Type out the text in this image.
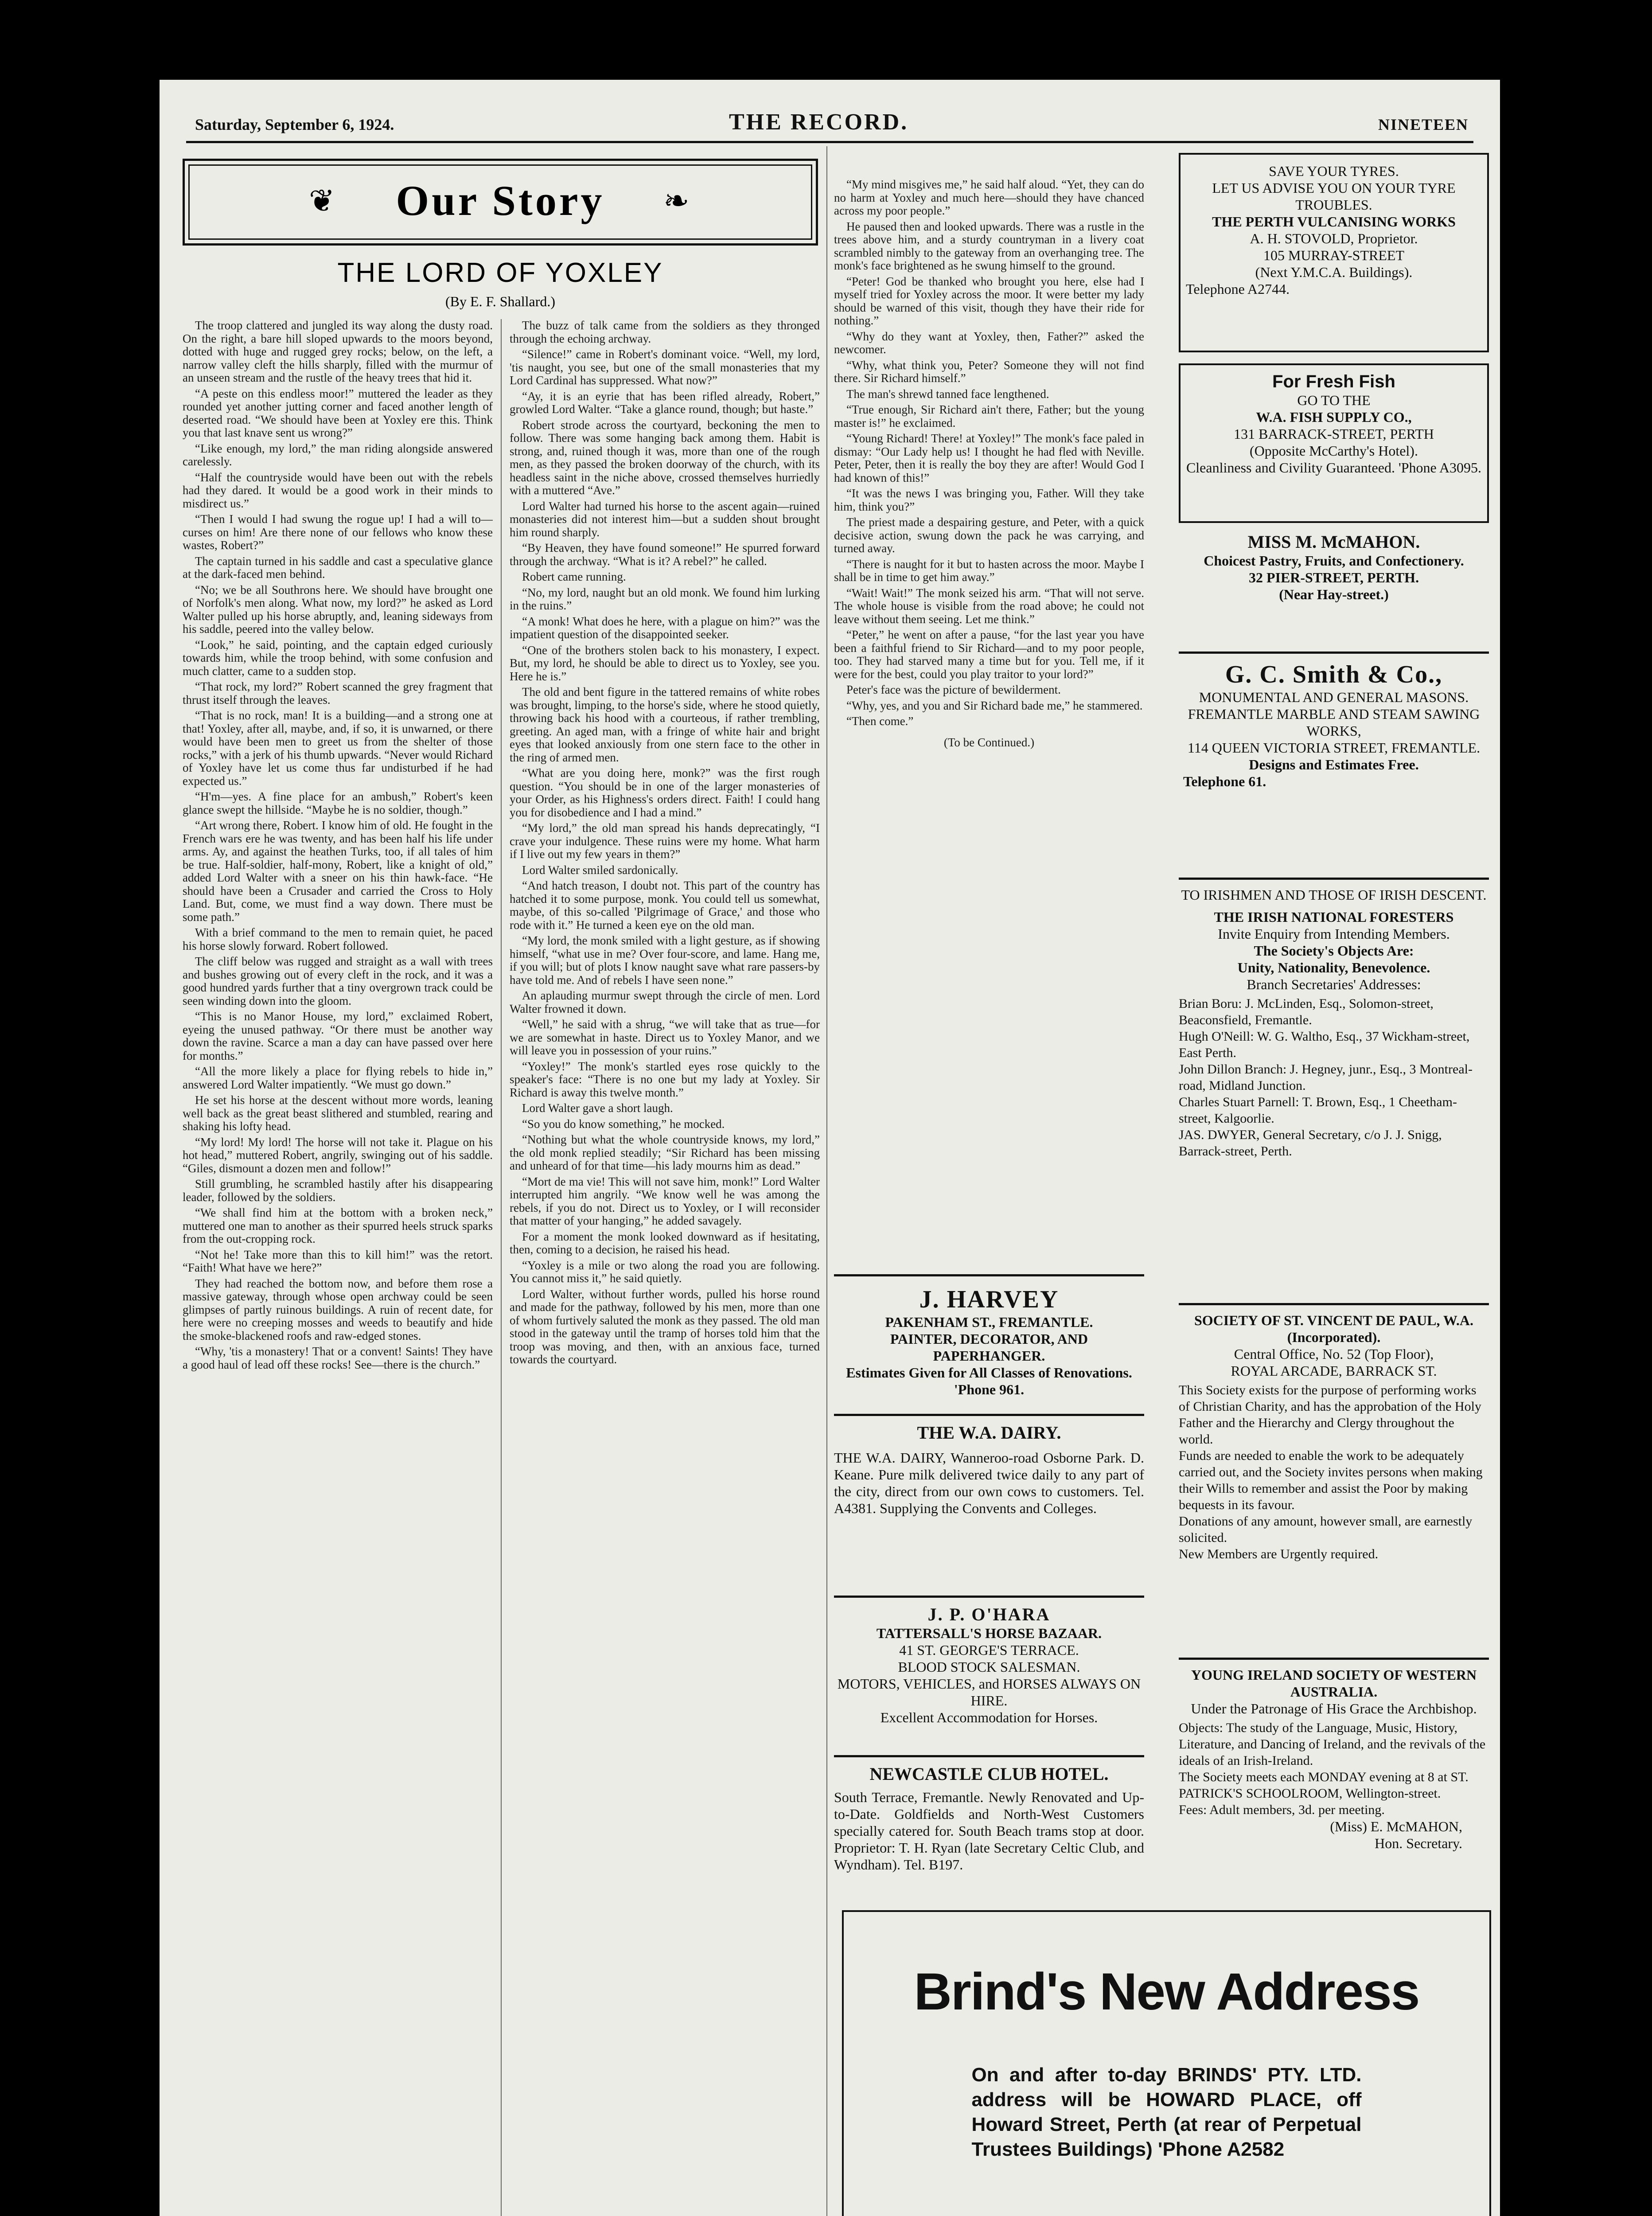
Saturday, September 6, 1924.	THE RECORD.	NINETEEN
❦	Our Story	❧
THE LORD OF YOXLEY
(By E. F. Shallard.)

The troop clattered and jungled its way along the dusty road. On the right, a bare hill sloped upwards to the moors beyond, dotted with huge and rugged grey rocks; below, on the left, a narrow valley cleft the hills sharply, filled with the murmur of an unseen stream and the rustle of the heavy trees that hid it.

“A peste on this endless moor!” muttered the leader as they rounded yet another jutting corner and faced another length of deserted road. “We should have been at Yoxley ere this. Think you that last knave sent us wrong?”

“Like enough, my lord,” the man riding alongside answered carelessly.

“Half the countryside would have been out with the rebels had they dared. It would be a good work in their minds to misdirect us.”

“Then I would I had swung the rogue up! I had a will to—curses on him! Are there none of our fellows who know these wastes, Robert?”

The captain turned in his saddle and cast a speculative glance at the dark-faced men behind.

“No; we be all Southrons here. We should have brought one of Norfolk's men along. What now, my lord?” he asked as Lord Walter pulled up his horse abruptly, and, leaning sideways from his saddle, peered into the valley below.

“Look,” he said, pointing, and the captain edged curiously towards him, while the troop behind, with some confusion and much clatter, came to a sudden stop.

“That rock, my lord?” Robert scanned the grey fragment that thrust itself through the leaves.

“That is no rock, man! It is a building—and a strong one at that! Yoxley, after all, maybe, and, if so, it is unwarned, or there would have been men to greet us from the shelter of those rocks,” with a jerk of his thumb upwards. “Never would Richard of Yoxley have let us come thus far undisturbed if he had expected us.”

“H'm—yes. A fine place for an ambush,” Robert's keen glance swept the hillside. “Maybe he is no soldier, though.”

“Art wrong there, Robert. I know him of old. He fought in the French wars ere he was twenty, and has been half his life under arms. Ay, and against the heathen Turks, too, if all tales of him be true. Half-soldier, half-mony, Robert, like a knight of old,” added Lord Walter with a sneer on his thin hawk-face. “He should have been a Crusader and carried the Cross to Holy Land. But, come, we must find a way down. There must be some path.”

With a brief command to the men to remain quiet, he paced his horse slowly forward. Robert followed.

The cliff below was rugged and straight as a wall with trees and bushes growing out of every cleft in the rock, and it was a good hundred yards further that a tiny overgrown track could be seen winding down into the gloom.

“This is no Manor House, my lord,” exclaimed Robert, eyeing the unused pathway. “Or there must be another way down the ravine. Scarce a man a day can have passed over here for months.”

“All the more likely a place for flying rebels to hide in,” answered Lord Walter impatiently. “We must go down.”

He set his horse at the descent without more words, leaning well back as the great beast slithered and stumbled, rearing and shaking his lofty head.

“My lord! My lord! The horse will not take it. Plague on his hot head,” muttered Robert, angrily, swinging out of his saddle. “Giles, dismount a dozen men and follow!”

Still grumbling, he scrambled hastily after his disappearing leader, followed by the soldiers.

“We shall find him at the bottom with a broken neck,” muttered one man to another as their spurred heels struck sparks from the out-cropping rock.

“Not he! Take more than this to kill him!” was the retort. “Faith! What have we here?”

They had reached the bottom now, and before them rose a massive gateway, through whose open archway could be seen glimpses of partly ruinous buildings. A ruin of recent date, for here were no creeping mosses and weeds to beautify and hide the smoke-blackened roofs and raw-edged stones.

“Why, 'tis a monastery! That or a convent! Saints! They have a good haul of lead off these rocks! See—there is the church.”

The buzz of talk came from the soldiers as they thronged through the echoing archway.

“Silence!” came in Robert's dominant voice. “Well, my lord, 'tis naught, you see, but one of the small monasteries that my Lord Cardinal has suppressed. What now?”

“Ay, it is an eyrie that has been rifled already, Robert,” growled Lord Walter. “Take a glance round, though; but haste.”

Robert strode across the courtyard, beckoning the men to follow. There was some hanging back among them. Habit is strong, and, ruined though it was, more than one of the rough men, as they passed the broken doorway of the church, with its headless saint in the niche above, crossed themselves hurriedly with a muttered “Ave.”

Lord Walter had turned his horse to the ascent again—ruined monasteries did not interest him—but a sudden shout brought him round sharply.

“By Heaven, they have found someone!” He spurred forward through the archway. “What is it? A rebel?” he called.

Robert came running.

“No, my lord, naught but an old monk. We found him lurking in the ruins.”

“A monk! What does he here, with a plague on him?” was the impatient question of the disappointed seeker.

“One of the brothers stolen back to his monastery, I expect. But, my lord, he should be able to direct us to Yoxley, see you. Here he is.”

The old and bent figure in the tattered remains of white robes was brought, limping, to the horse's side, where he stood quietly, throwing back his hood with a courteous, if rather trembling, greeting. An aged man, with a fringe of white hair and bright eyes that looked anxiously from one stern face to the other in the ring of armed men.

“What are you doing here, monk?” was the first rough question. “You should be in one of the larger monasteries of your Order, as his Highness's orders direct. Faith! I could hang you for disobedience and I had a mind.”

“My lord,” the old man spread his hands deprecatingly, “I crave your indulgence. These ruins were my home. What harm if I live out my few years in them?”

Lord Walter smiled sardonically.

“And hatch treason, I doubt not. This part of the country has hatched it to some purpose, monk. You could tell us somewhat, maybe, of this so-called 'Pilgrimage of Grace,' and those who rode with it.” He turned a keen eye on the old man.

“My lord, the monk smiled with a light gesture, as if showing himself, “what use in me? Over four-score, and lame. Hang me, if you will; but of plots I know naught save what rare passers-by have told me. And of rebels I have seen none.”

An aplauding murmur swept through the circle of men. Lord Walter frowned it down.

“Well,” he said with a shrug, “we will take that as true—for we are somewhat in haste. Direct us to Yoxley Manor, and we will leave you in possession of your ruins.”

“Yoxley!” The monk's startled eyes rose quickly to the speaker's face: “There is no one but my lady at Yoxley. Sir Richard is away this twelve month.”

Lord Walter gave a short laugh.

“So you do know something,” he mocked.

“Nothing but what the whole countryside knows, my lord,” the old monk replied steadily; “Sir Richard has been missing and unheard of for that time—his lady mourns him as dead.”

“Mort de ma vie! This will not save him, monk!” Lord Walter interrupted him angrily. “We know well he was among the rebels, if you do not. Direct us to Yoxley, or I will reconsider that matter of your hanging,” he added savagely.

For a moment the monk looked downward as if hesitating, then, coming to a decision, he raised his head.

“Yoxley is a mile or two along the road you are following. You cannot miss it,” he said quietly.

Lord Walter, without further words, pulled his horse round and made for the pathway, followed by his men, more than one of whom furtively saluted the monk as they passed. The old man stood in the gateway until the tramp of horses told him that the troop was moving, and then, with an anxious face, turned towards the courtyard.

“My mind misgives me,” he said half aloud. “Yet, they can do no harm at Yoxley and much here—should they have chanced across my poor people.”

He paused then and looked upwards. There was a rustle in the trees above him, and a sturdy countryman in a livery coat scrambled nimbly to the gateway from an overhanging tree. The monk's face brightened as he swung himself to the ground.

“Peter! God be thanked who brought you here, else had I myself tried for Yoxley across the moor. It were better my lady should be warned of this visit, though they have their ride for nothing.”

“Why do they want at Yoxley, then, Father?” asked the newcomer.

“Why, what think you, Peter? Someone they will not find there. Sir Richard himself.”

The man's shrewd tanned face lengthened.

“True enough, Sir Richard ain't there, Father; but the young master is!” he exclaimed.

“Young Richard! There! at Yoxley!” The monk's face paled in dismay: “Our Lady help us! I thought he had fled with Neville. Peter, Peter, then it is really the boy they are after! Would God I had known of this!”

“It was the news I was bringing you, Father. Will they take him, think you?”

The priest made a despairing gesture, and Peter, with a quick decisive action, swung down the pack he was carrying, and turned away.

“There is naught for it but to hasten across the moor. Maybe I shall be in time to get him away.”

“Wait! Wait!” The monk seized his arm. “That will not serve. The whole house is visible from the road above; he could not leave without them seeing. Let me think.”

“Peter,” he went on after a pause, “for the last year you have been a faithful friend to Sir Richard—and to my poor people, too. They had starved many a time but for you. Tell me, if it were for the best, could you play traitor to your lord?”

Peter's face was the picture of bewilderment.

“Why, yes, and you and Sir Richard bade me,” he stammered.

“Then come.”

(To be Continued.)

J. HARVEY
PAKENHAM ST., FREMANTLE.
PAINTER, DECORATOR, AND PAPERHANGER.
Estimates Given for All Classes of Renovations. 'Phone 961.
THE W.A. DAIRY.
THE W.A. DAIRY, Wanneroo-road Osborne Park. D. Keane. Pure milk delivered twice daily to any part of the city, direct from our own cows to customers. Tel. A4381. Supplying the Convents and Colleges.
J. P. O'HARA
TATTERSALL'S HORSE BAZAAR.
41 ST. GEORGE'S TERRACE.
BLOOD STOCK SALESMAN.
MOTORS, VEHICLES, and HORSES ALWAYS ON HIRE.
Excellent Accommodation for Horses.
NEWCASTLE CLUB HOTEL.
South Terrace, Fremantle. Newly Renovated and Up-to-Date. Goldfields and North-West Customers specially catered for. South Beach trams stop at door. Proprietor: T. H. Ryan (late Secretary Celtic Club, and Wyndham). Tel. B197.
SAVE YOUR TYRES.
LET US ADVISE YOU ON YOUR TYRE TROUBLES.
THE PERTH VULCANISING WORKS
A. H. STOVOLD, Proprietor.
105 MURRAY-STREET
(Next Y.M.C.A. Buildings).
Telephone A2744.
For Fresh Fish
GO TO THE
W.A. FISH SUPPLY CO.,
131 BARRACK-STREET, PERTH
(Opposite McCarthy's Hotel).
Cleanliness and Civility Guaranteed. 'Phone A3095.
MISS M. McMAHON.
Choicest Pastry, Fruits, and Confectionery.
32 PIER-STREET, PERTH.
(Near Hay-street.)
G. C. Smith & Co.,
MONUMENTAL AND GENERAL MASONS.
FREMANTLE MARBLE AND STEAM SAWING WORKS,
114 QUEEN VICTORIA STREET, FREMANTLE.
Designs and Estimates Free.
Telephone 61.
TO IRISHMEN AND THOSE OF IRISH DESCENT.
THE IRISH NATIONAL FORESTERS
Invite Enquiry from Intending Members.
The Society's Objects Are:
Unity, Nationality, Benevolence.
Branch Secretaries' Addresses:

Brian Boru: J. McLinden, Esq., Solomon-street, Beaconsfield, Fremantle.

Hugh O'Neill: W. G. Waltho, Esq., 37 Wickham-street, East Perth.

John Dillon Branch: J. Hegney, junr., Esq., 3 Montreal-road, Midland Junction.

Charles Stuart Parnell: T. Brown, Esq., 1 Cheetham-street, Kalgoorlie.

JAS. DWYER, General Secretary, c/o J. J. Snigg, Barrack-street, Perth.

SOCIETY OF ST. VINCENT DE PAUL, W.A. (Incorporated).
Central Office, No. 52 (Top Floor),
ROYAL ARCADE, BARRACK ST.

This Society exists for the purpose of performing works of Christian Charity, and has the approbation of the Holy Father and the Hierarchy and Clergy throughout the world.

Funds are needed to enable the work to be adequately carried out, and the Society invites persons when making their Wills to remember and assist the Poor by making bequests in its favour.

Donations of any amount, however small, are earnestly solicited.

New Members are Urgently required.

YOUNG IRELAND SOCIETY OF WESTERN AUSTRALIA.
Under the Patronage of His Grace the Archbishop.

Objects: The study of the Language, Music, History, Literature, and Dancing of Ireland, and the revivals of the ideals of an Irish-Ireland.

The Society meets each MONDAY evening at 8 at ST. PATRICK'S SCHOOLROOM, Wellington-street.

Fees: Adult members, 3d. per meeting.

(Miss) E. McMAHON,
Hon. Secretary.
Brind's New Address
On and after to-day BRINDS' PTY. LTD. address will be HOWARD PLACE, off Howard Street, Perth (at rear of Perpetual Trustees Buildings) 'Phone A2582
